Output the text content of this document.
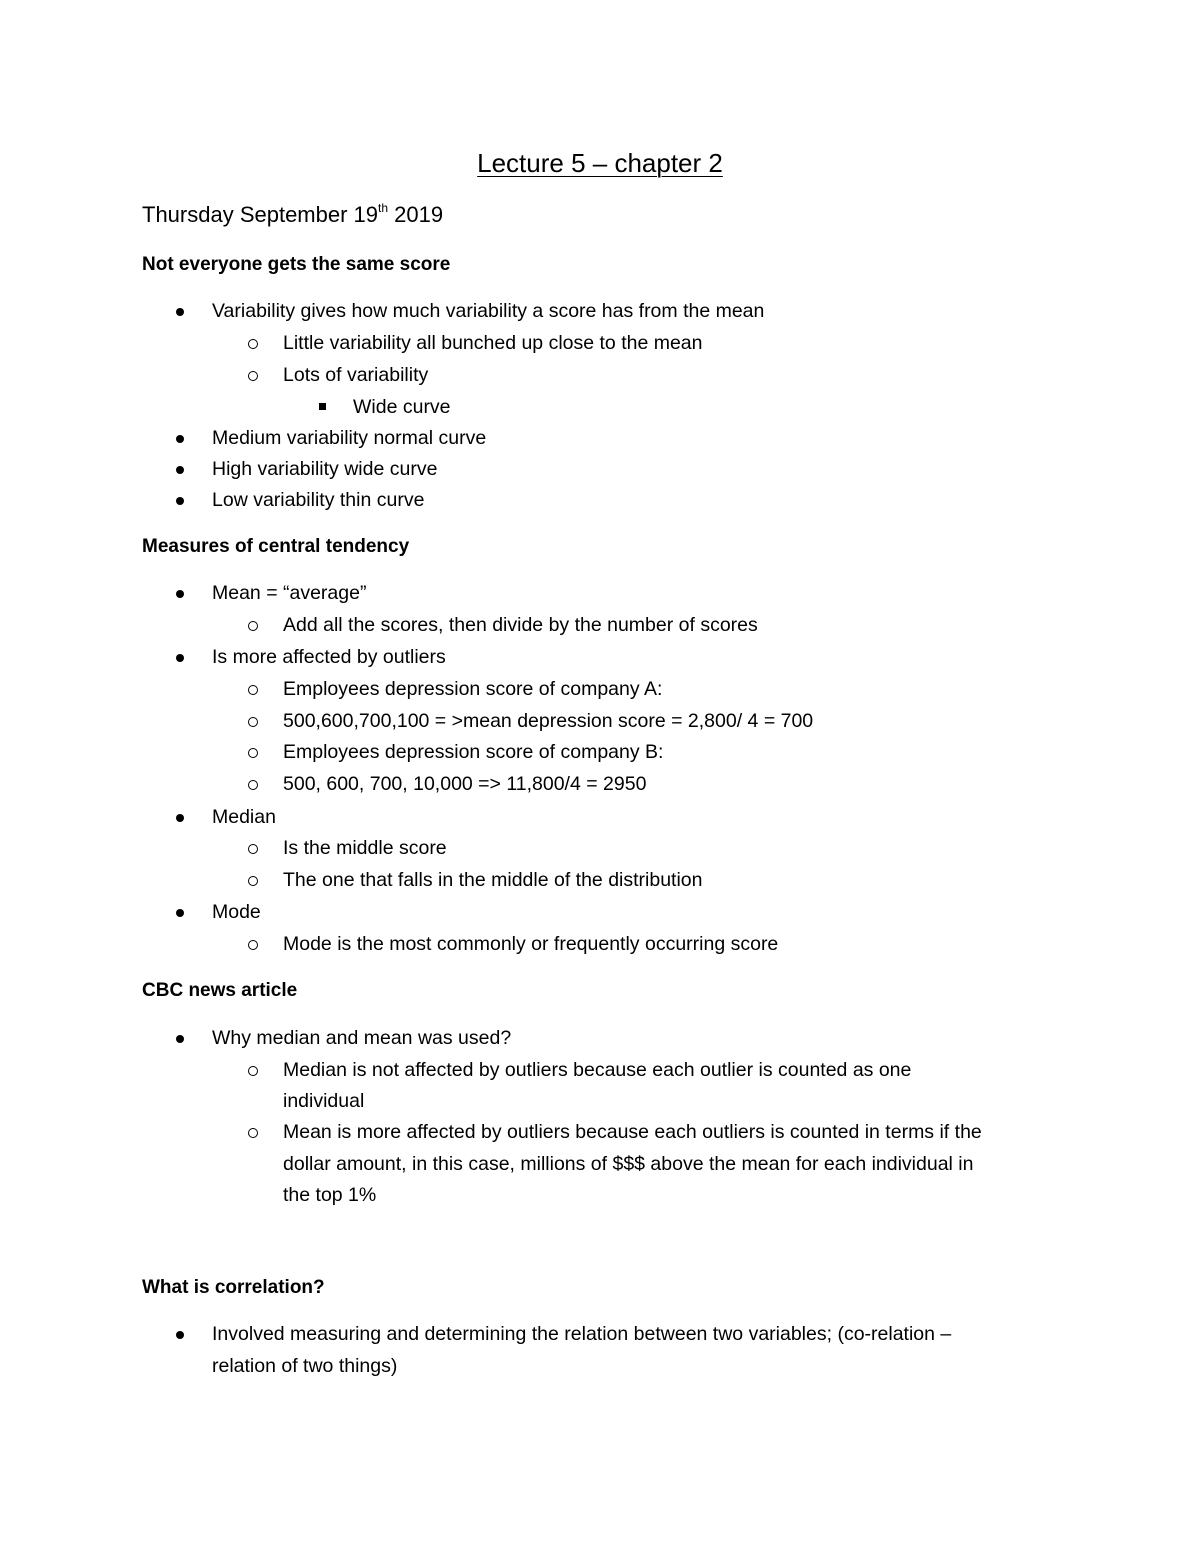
Lecture 5 – chapter 2
Thursday September 19th 2019
Not everyone gets the same score
Variability gives how much variability a score has from the mean
Little variability all bunched up close to the mean
Lots of variability
Wide curve
Medium variability normal curve
High variability wide curve
Low variability thin curve
Measures of central tendency
Mean = “average”
Add all the scores, then divide by the number of scores
Is more affected by outliers
Employees depression score of company A:
500,600,700,100 = >mean depression score = 2,800/ 4 = 700
Employees depression score of company B:
500, 600, 700, 10,000 => 11,800/4 = 2950
Median
Is the middle score
The one that falls in the middle of the distribution
Mode
Mode is the most commonly or frequently occurring score
CBC news article
Why median and mean was used?
Median is not affected by outliers because each outlier is counted as one
individual
Mean is more affected by outliers because each outliers is counted in terms if the
dollar amount, in this case, millions of $$$ above the mean for each individual in
the top 1%
What is correlation?
Involved measuring and determining the relation between two variables; (co-relation –
relation of two things)
